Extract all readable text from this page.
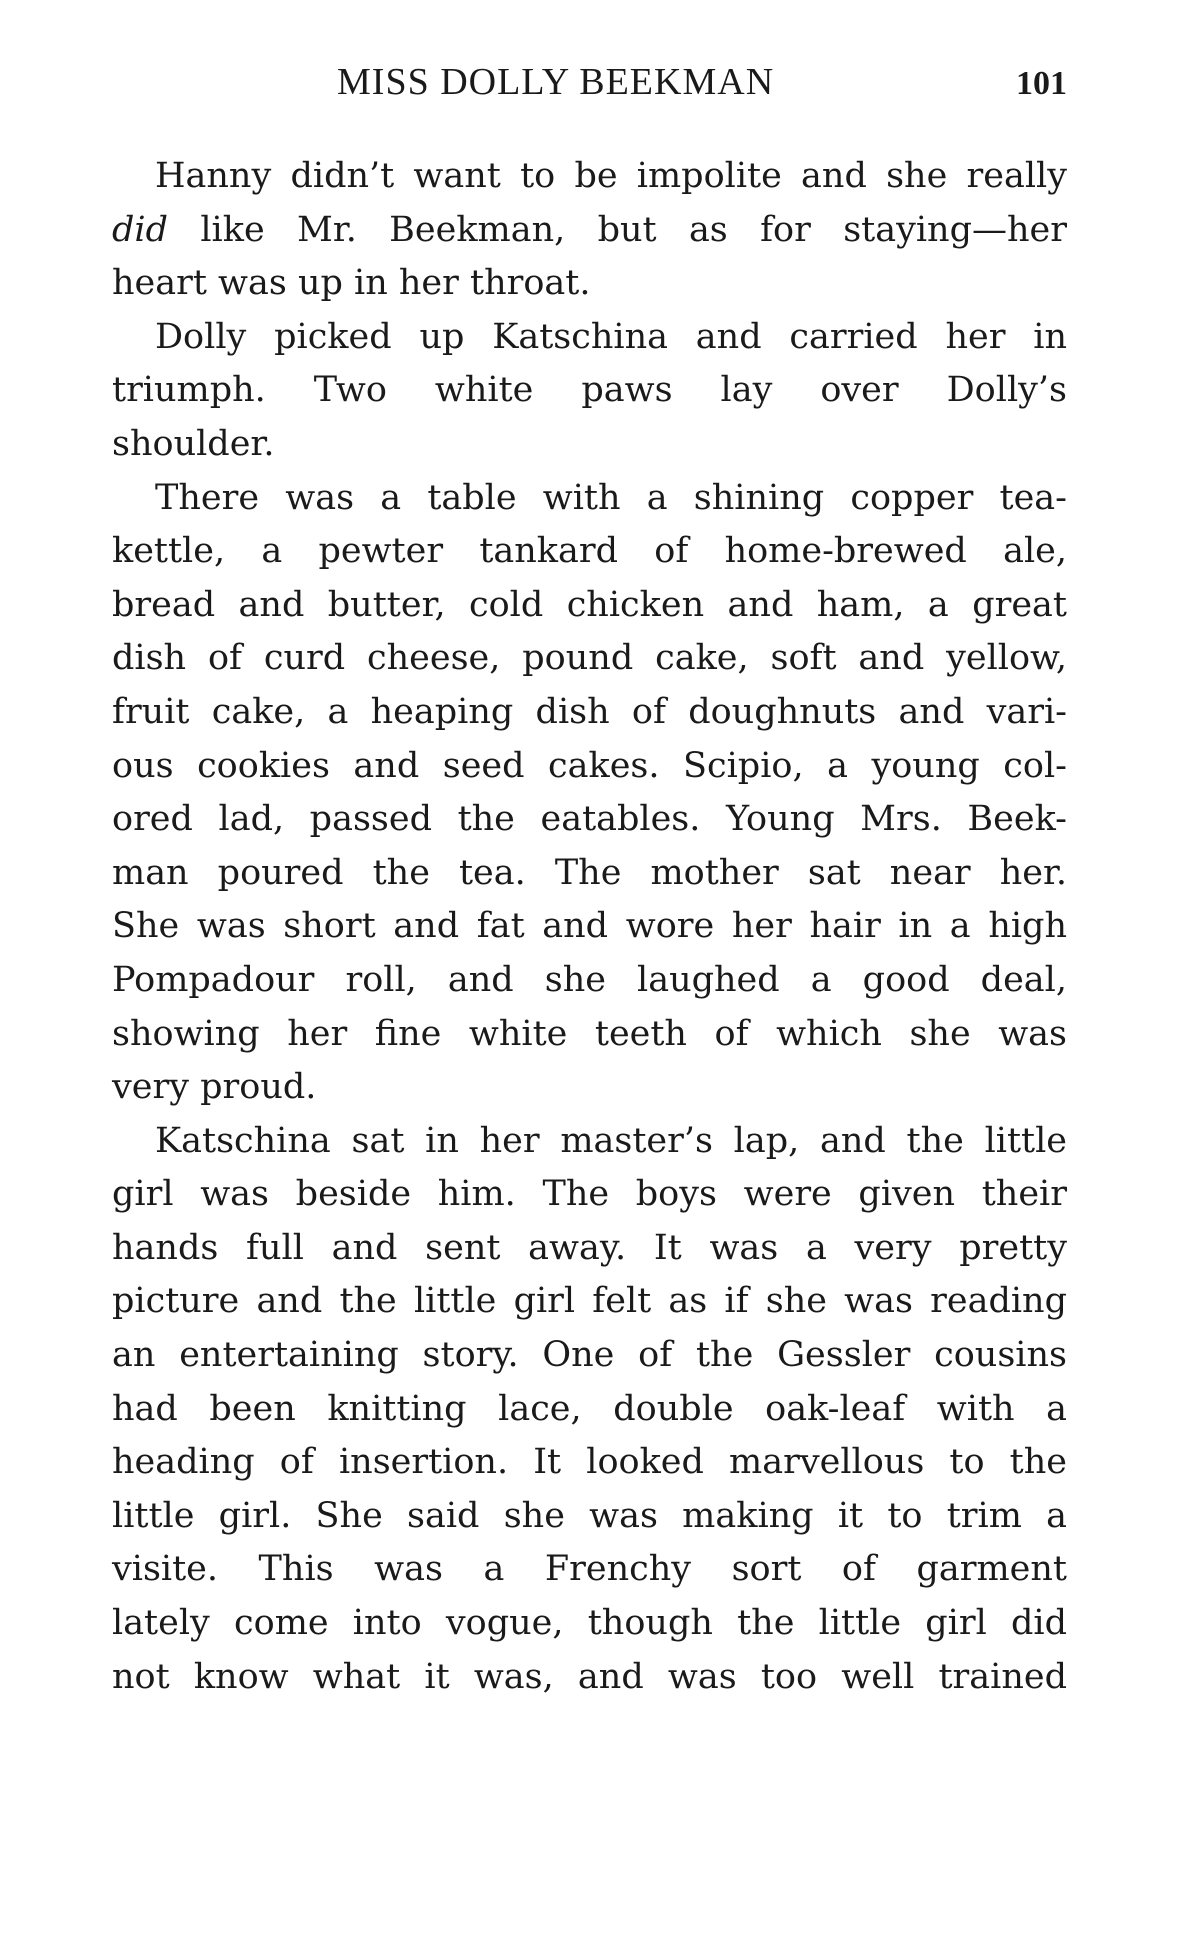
MISS DOLLY BEEKMAN	101
Hanny didn’t want to be impolite and she really
did like Mr. Beekman, but as for staying—her
heart was up in her throat.
Dolly picked up Katschina and carried her in
triumph. Two white paws lay over Dolly’s
shoulder.
There was a table with a shining copper tea-
kettle, a pewter tankard of home-brewed ale,
bread and butter, cold chicken and ham, a great
dish of curd cheese, pound cake, soft and yellow,
fruit cake, a heaping dish of doughnuts and vari-
ous cookies and seed cakes. Scipio, a young col-
ored lad, passed the eatables. Young Mrs. Beek-
man poured the tea. The mother sat near her.
She was short and fat and wore her hair in a high
Pompadour roll, and she laughed a good deal,
showing her fine white teeth of which she was
very proud.
Katschina sat in her master’s lap, and the little
girl was beside him. The boys were given their
hands full and sent away. It was a very pretty
picture and the little girl felt as if she was reading
an entertaining story. One of the Gessler cousins
had been knitting lace, double oak-leaf with a
heading of insertion. It looked marvellous to the
little girl. She said she was making it to trim a
visite. This was a Frenchy sort of garment
lately come into vogue, though the little girl did
not know what it was, and was too well trained
